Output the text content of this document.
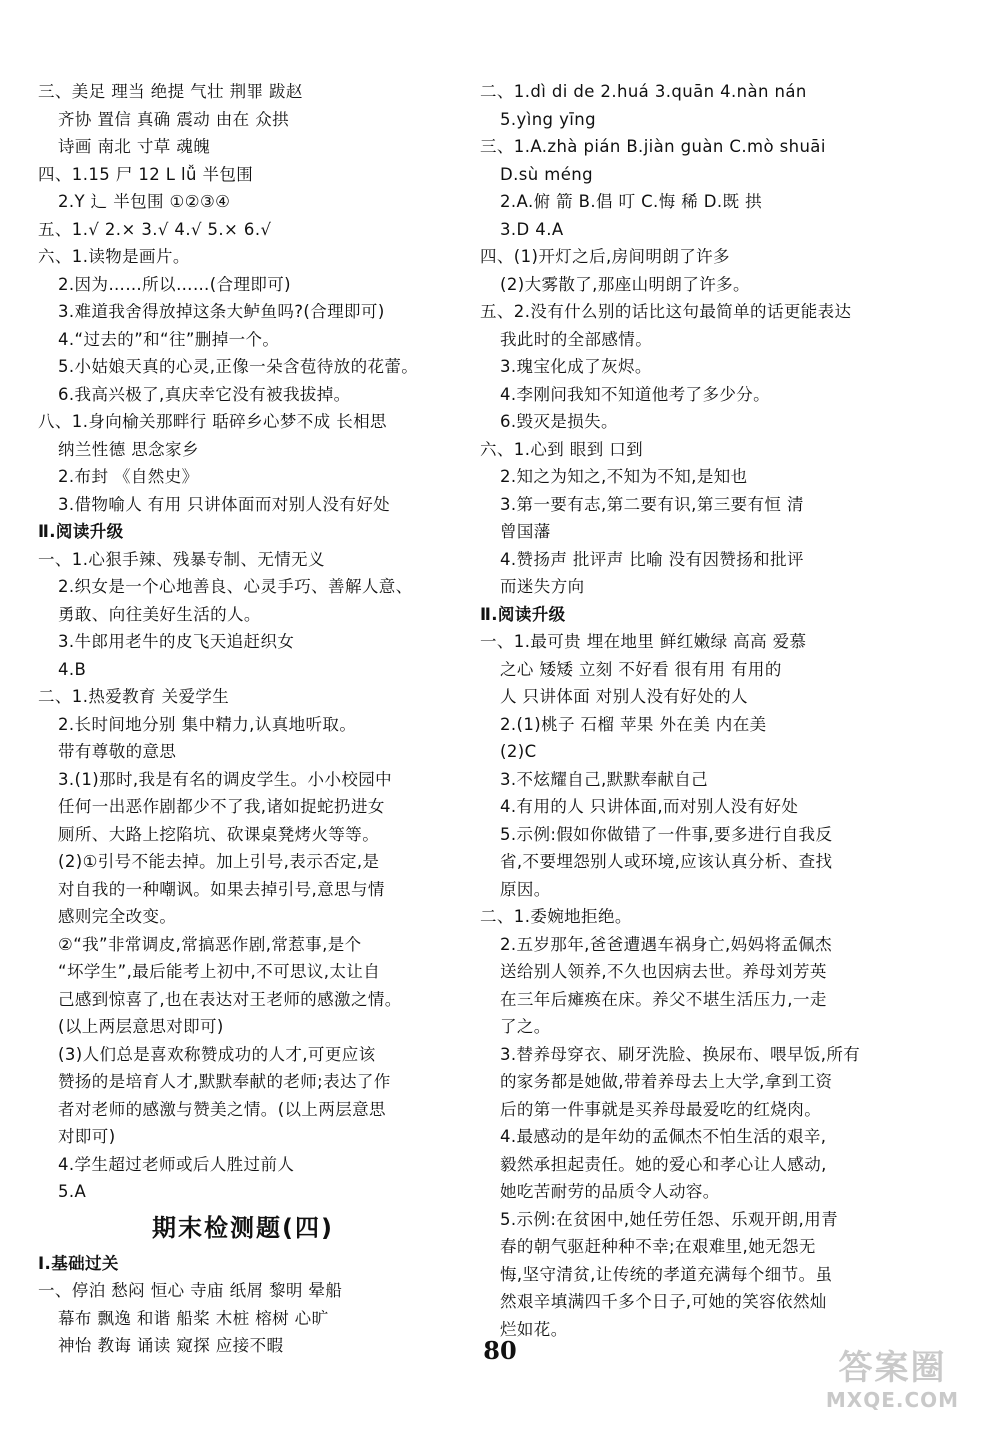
三、美足 理当 绝提 气壮 荆罪 跋赵
齐协 置信 真确 震动 由在 众拱
诗画 南北 寸草 魂魄
四、1.15 尸 12 L lǚ 半包围
2.Y 辶 半包围 ①②③④
五、1.√ 2.× 3.√ 4.√ 5.× 6.√
六、1.读物是画片。
2.因为……所以……(合理即可)
3.难道我舍得放掉这条大鲈鱼吗?(合理即可)
4.“过去的”和“往”删掉一个。
5.小姑娘天真的心灵,正像一朵含苞待放的花蕾。
6.我高兴极了,真庆幸它没有被我拔掉。
八、1.身向榆关那畔行 聒碎乡心梦不成 长相思
纳兰性德 思念家乡
2.布封 《自然史》
3.借物喻人 有用 只讲体面而对别人没有好处
Ⅱ.阅读升级
一、1.心狠手辣、残暴专制、无情无义
2.织女是一个心地善良、心灵手巧、善解人意、
勇敢、向往美好生活的人。
3.牛郎用老牛的皮飞天追赶织女
4.B
二、1.热爱教育 关爱学生
2.长时间地分别 集中精力,认真地听取。
带有尊敬的意思
3.(1)那时,我是有名的调皮学生。小小校园中
任何一出恶作剧都少不了我,诸如捉蛇扔进女
厕所、大路上挖陷坑、砍课桌凳烤火等等。
(2)①引号不能去掉。加上引号,表示否定,是
对自我的一种嘲讽。如果去掉引号,意思与情
感则完全改变。
②“我”非常调皮,常搞恶作剧,常惹事,是个
“坏学生”,最后能考上初中,不可思议,太让自
己感到惊喜了,也在表达对王老师的感激之情。
(以上两层意思对即可)
(3)人们总是喜欢称赞成功的人才,可更应该
赞扬的是培育人才,默默奉献的老师;表达了作
者对老师的感激与赞美之情。(以上两层意思
对即可)
4.学生超过老师或后人胜过前人
5.A
期末检测题(四)
Ⅰ.基础过关
一、停泊 愁闷 恒心 寺庙 纸屑 黎明 晕船
幕布 飘逸 和谐 船桨 木桩 榕树 心旷
神怡 教诲 诵读 窥探 应接不暇
二、1.dì di de 2.huá 3.quān 4.nàn nán
5.yìng yīng
三、1.A.zhà pián B.jiàn guàn C.mò shuāi
D.sù méng
2.A.俯 箭 B.倡 叮 C.悔 稀 D.既 拱
3.D 4.A
四、(1)开灯之后,房间明朗了许多
(2)大雾散了,那座山明朗了许多。
五、2.没有什么别的话比这句最简单的话更能表达
我此时的全部感情。
3.瑰宝化成了灰烬。
4.李刚问我知不知道他考了多少分。
6.毁灭是损失。
六、1.心到 眼到 口到
2.知之为知之,不知为不知,是知也
3.第一要有志,第二要有识,第三要有恒 清
曾国藩
4.赞扬声 批评声 比喻 没有因赞扬和批评
而迷失方向
Ⅱ.阅读升级
一、1.最可贵 埋在地里 鲜红嫩绿 高高 爱慕
之心 矮矮 立刻 不好看 很有用 有用的
人 只讲体面 对别人没有好处的人
2.(1)桃子 石榴 苹果 外在美 内在美
(2)C
3.不炫耀自己,默默奉献自己
4.有用的人 只讲体面,而对别人没有好处
5.示例:假如你做错了一件事,要多进行自我反
省,不要埋怨别人或环境,应该认真分析、查找
原因。
二、1.委婉地拒绝。
2.五岁那年,爸爸遭遇车祸身亡,妈妈将孟佩杰
送给别人领养,不久也因病去世。养母刘芳英
在三年后瘫痪在床。养父不堪生活压力,一走
了之。
3.替养母穿衣、刷牙洗脸、换尿布、喂早饭,所有
的家务都是她做,带着养母去上大学,拿到工资
后的第一件事就是买养母最爱吃的红烧肉。
4.最感动的是年幼的孟佩杰不怕生活的艰辛,
毅然承担起责任。她的爱心和孝心让人感动,
她吃苦耐劳的品质令人动容。
5.示例:在贫困中,她任劳任怨、乐观开朗,用青
春的朝气驱赶种种不幸;在艰难里,她无怨无
悔,坚守清贫,让传统的孝道充满每个细节。虽
然艰辛填满四千多个日子,可她的笑容依然灿
烂如花。
80	答案圈
MXQE.COM
